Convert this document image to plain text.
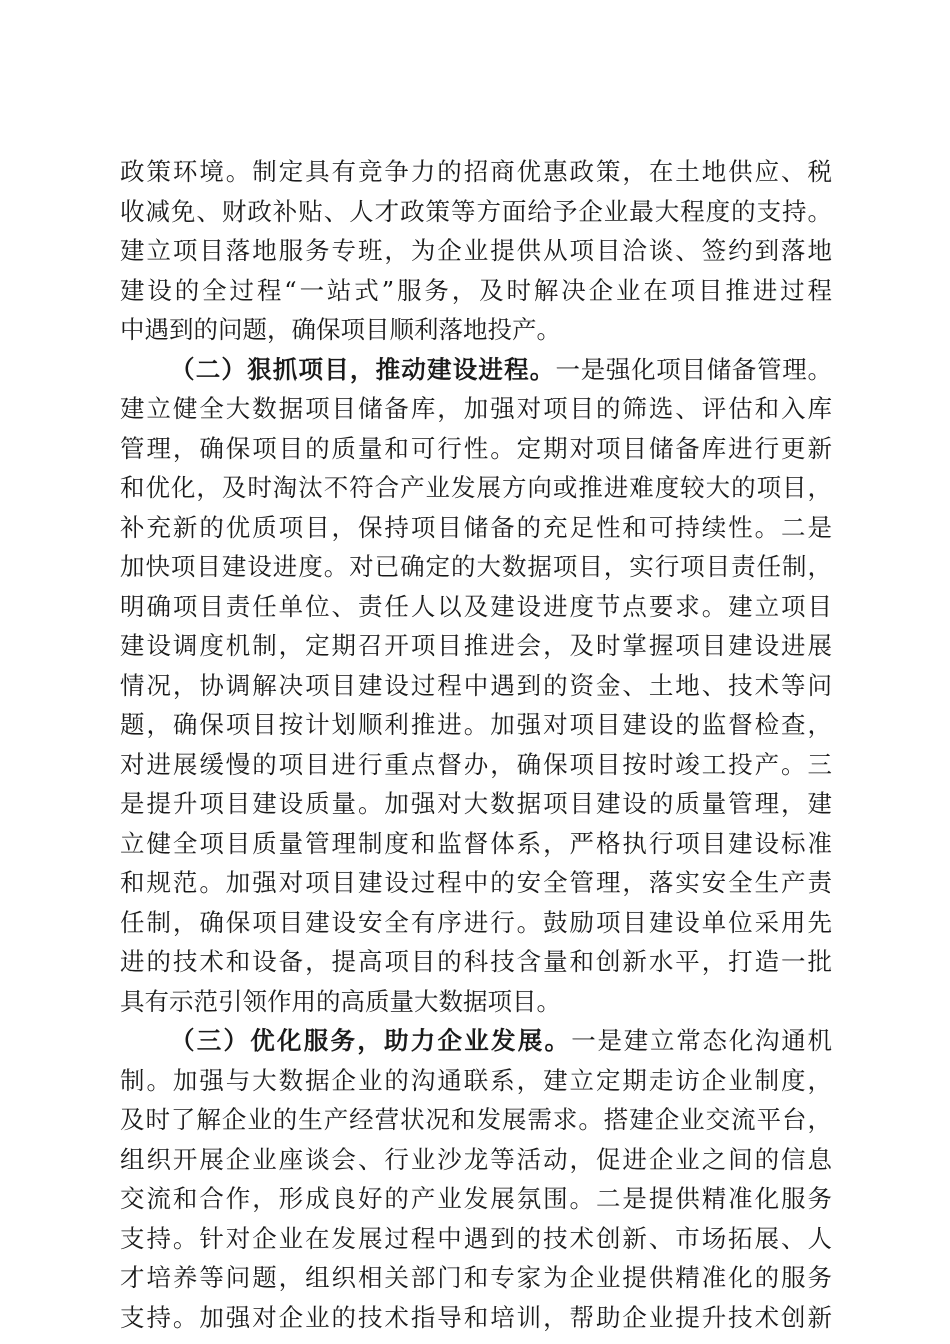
政策环境。制定具有竞争力的招商优惠政策，在土地供应、税
收减免、财政补贴、人才政策等方面给予企业最大程度的支持。
建立项目落地服务专班，为企业提供从项目洽谈、签约到落地
建设的全过程“一站式”服务，及时解决企业在项目推进过程
中遇到的问题，确保项目顺利落地投产。
（二）狠抓项目，推动建设进程。一是强化项目储备管理。
建立健全大数据项目储备库，加强对项目的筛选、评估和入库
管理，确保项目的质量和可行性。定期对项目储备库进行更新
和优化，及时淘汰不符合产业发展方向或推进难度较大的项目，
补充新的优质项目，保持项目储备的充足性和可持续性。二是
加快项目建设进度。对已确定的大数据项目，实行项目责任制，
明确项目责任单位、责任人以及建设进度节点要求。建立项目
建设调度机制，定期召开项目推进会，及时掌握项目建设进展
情况，协调解决项目建设过程中遇到的资金、土地、技术等问
题，确保项目按计划顺利推进。加强对项目建设的监督检查，
对进展缓慢的项目进行重点督办，确保项目按时竣工投产。三
是提升项目建设质量。加强对大数据项目建设的质量管理，建
立健全项目质量管理制度和监督体系，严格执行项目建设标准
和规范。加强对项目建设过程中的安全管理，落实安全生产责
任制，确保项目建设安全有序进行。鼓励项目建设单位采用先
进的技术和设备，提高项目的科技含量和创新水平，打造一批
具有示范引领作用的高质量大数据项目。
（三）优化服务，助力企业发展。一是建立常态化沟通机
制。加强与大数据企业的沟通联系，建立定期走访企业制度，
及时了解企业的生产经营状况和发展需求。搭建企业交流平台，
组织开展企业座谈会、行业沙龙等活动，促进企业之间的信息
交流和合作，形成良好的产业发展氛围。二是提供精准化服务
支持。针对企业在发展过程中遇到的技术创新、市场拓展、人
才培养等问题，组织相关部门和专家为企业提供精准化的服务
支持。加强对企业的技术指导和培训，帮助企业提升技术创新
